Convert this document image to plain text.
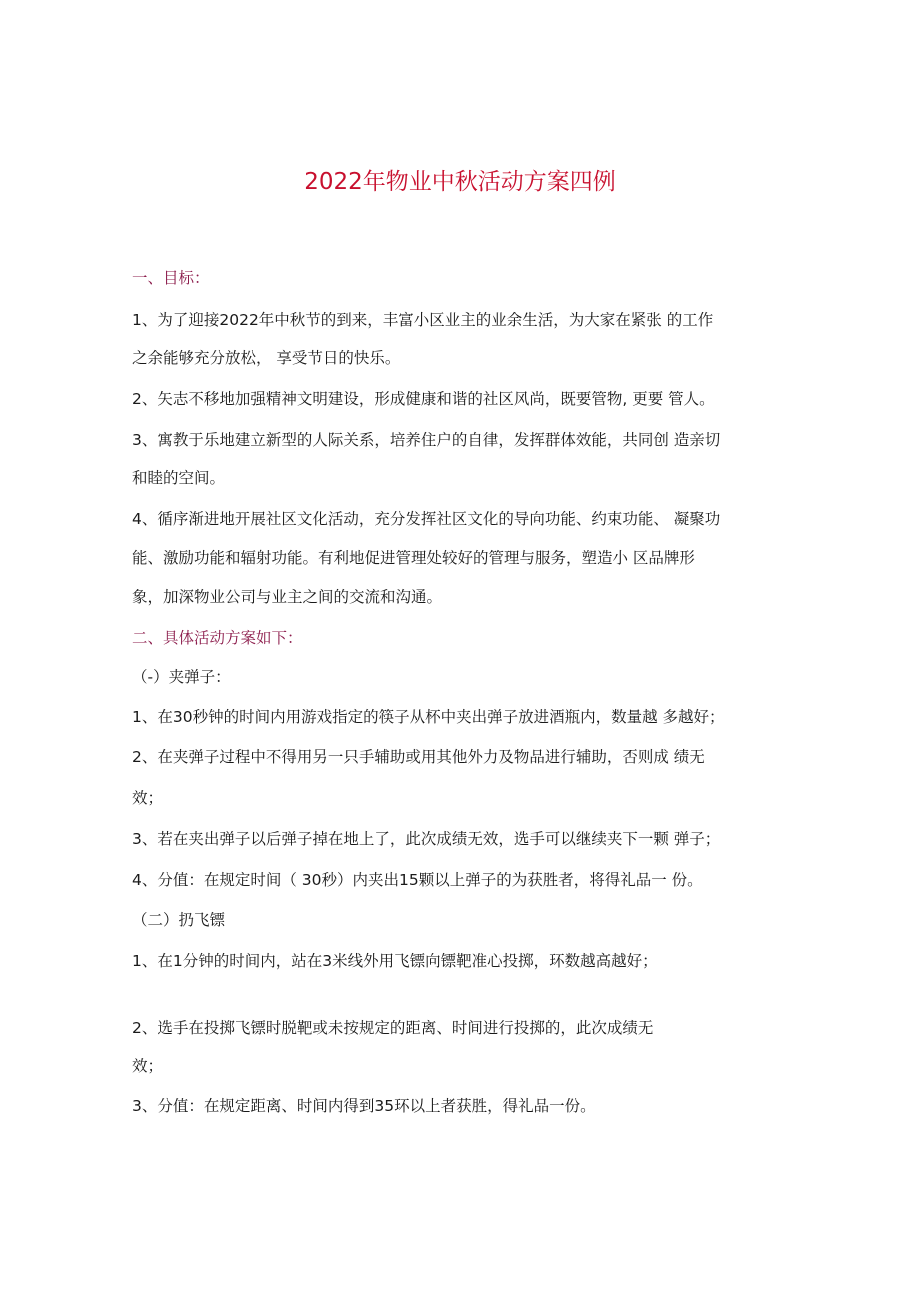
2022年物业中秋活动方案四例
一、目标：
1、为了迎接2022年中秋节的到来，丰富小区业主的业余生活，为大家在紧张 的工作
之余能够充分放松， 享受节日的快乐。
2、矢志不移地加强精神文明建设，形成健康和谐的社区风尚，既要管物, 更要 管人。
3、寓教于乐地建立新型的人际关系，培养住户的自律，发挥群体效能，共同创 造亲切
和睦的空间。
4、循序渐进地开展社区文化活动，充分发挥社区文化的导向功能、约束功能、 凝聚功
能、激励功能和辐射功能。有利地促进管理处较好的管理与服务，塑造小 区品牌形
象，加深物业公司与业主之间的交流和沟通。
二、具体活动方案如下：
（-）夹弹子：
1、在30秒钟的时间内用游戏指定的筷子从杯中夹出弹子放进酒瓶内，数量越 多越好；
2、在夹弹子过程中不得用另一只手辅助或用其他外力及物品进行辅助，否则成 绩无
效；
3、若在夹出弹子以后弹子掉在地上了，此次成绩无效，选手可以继续夹下一颗 弹子；
4、分值：在规定时间（ 30秒）内夹出15颗以上弹子的为获胜者，将得礼品一 份。
（二）扔飞镖
1、在1分钟的时间内，站在3米线外用飞镖向镖靶准心投掷，环数越高越好；
2、选手在投掷飞镖时脱靶或未按规定的距离、时间进行投掷的，此次成绩无
效；
3、分值：在规定距离、时间内得到35环以上者获胜，得礼品一份。
